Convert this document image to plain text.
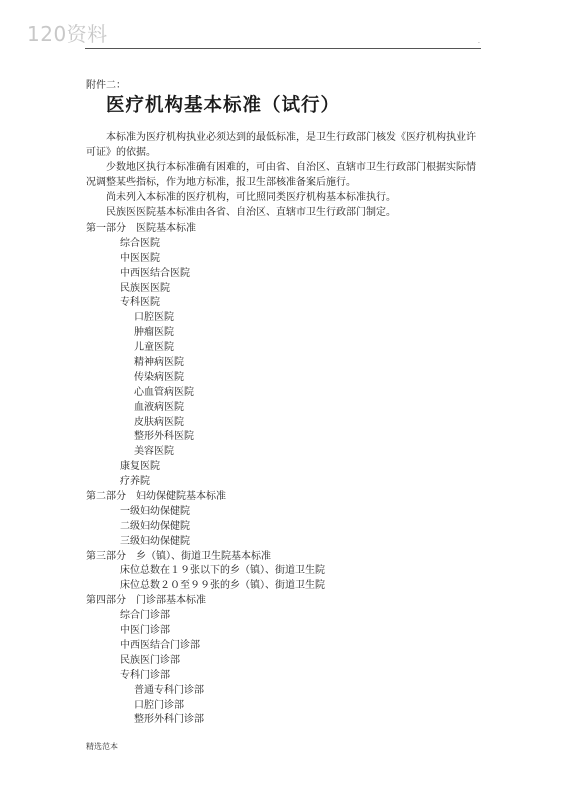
120资料	·
附件二：
医疗机构基本标准（试行）

本标准为医疗机构执业必须达到的最低标准，是卫生行政部门核发《医疗机构执业许可证》的依据。

少数地区执行本标准确有困难的，可由省、自治区、直辖市卫生行政部门根据实际情况调整某些指标，作为地方标准，报卫生部核准备案后施行。

尚未列入本标准的医疗机构，可比照同类医疗机构基本标准执行。

民族医医院基本标准由各省、自治区、直辖市卫生行政部门制定。

第一部分　医院基本标准
综合医院
中医医院
中西医结合医院
民族医医院
专科医院
口腔医院
肿瘤医院
儿童医院
精神病医院
传染病医院
心血管病医院
血液病医院
皮肤病医院
整形外科医院
美容医院
康复医院
疗养院
第二部分　妇幼保健院基本标准
一级妇幼保健院
二级妇幼保健院
三级妇幼保健院
第三部分　乡（镇）、街道卫生院基本标准
床位总数在１９张以下的乡（镇）、街道卫生院
床位总数２０至９９张的乡（镇）、街道卫生院
第四部分　门诊部基本标准
综合门诊部
中医门诊部
中西医结合门诊部
民族医门诊部
专科门诊部
普通专科门诊部
口腔门诊部
整形外科门诊部
精选范本
